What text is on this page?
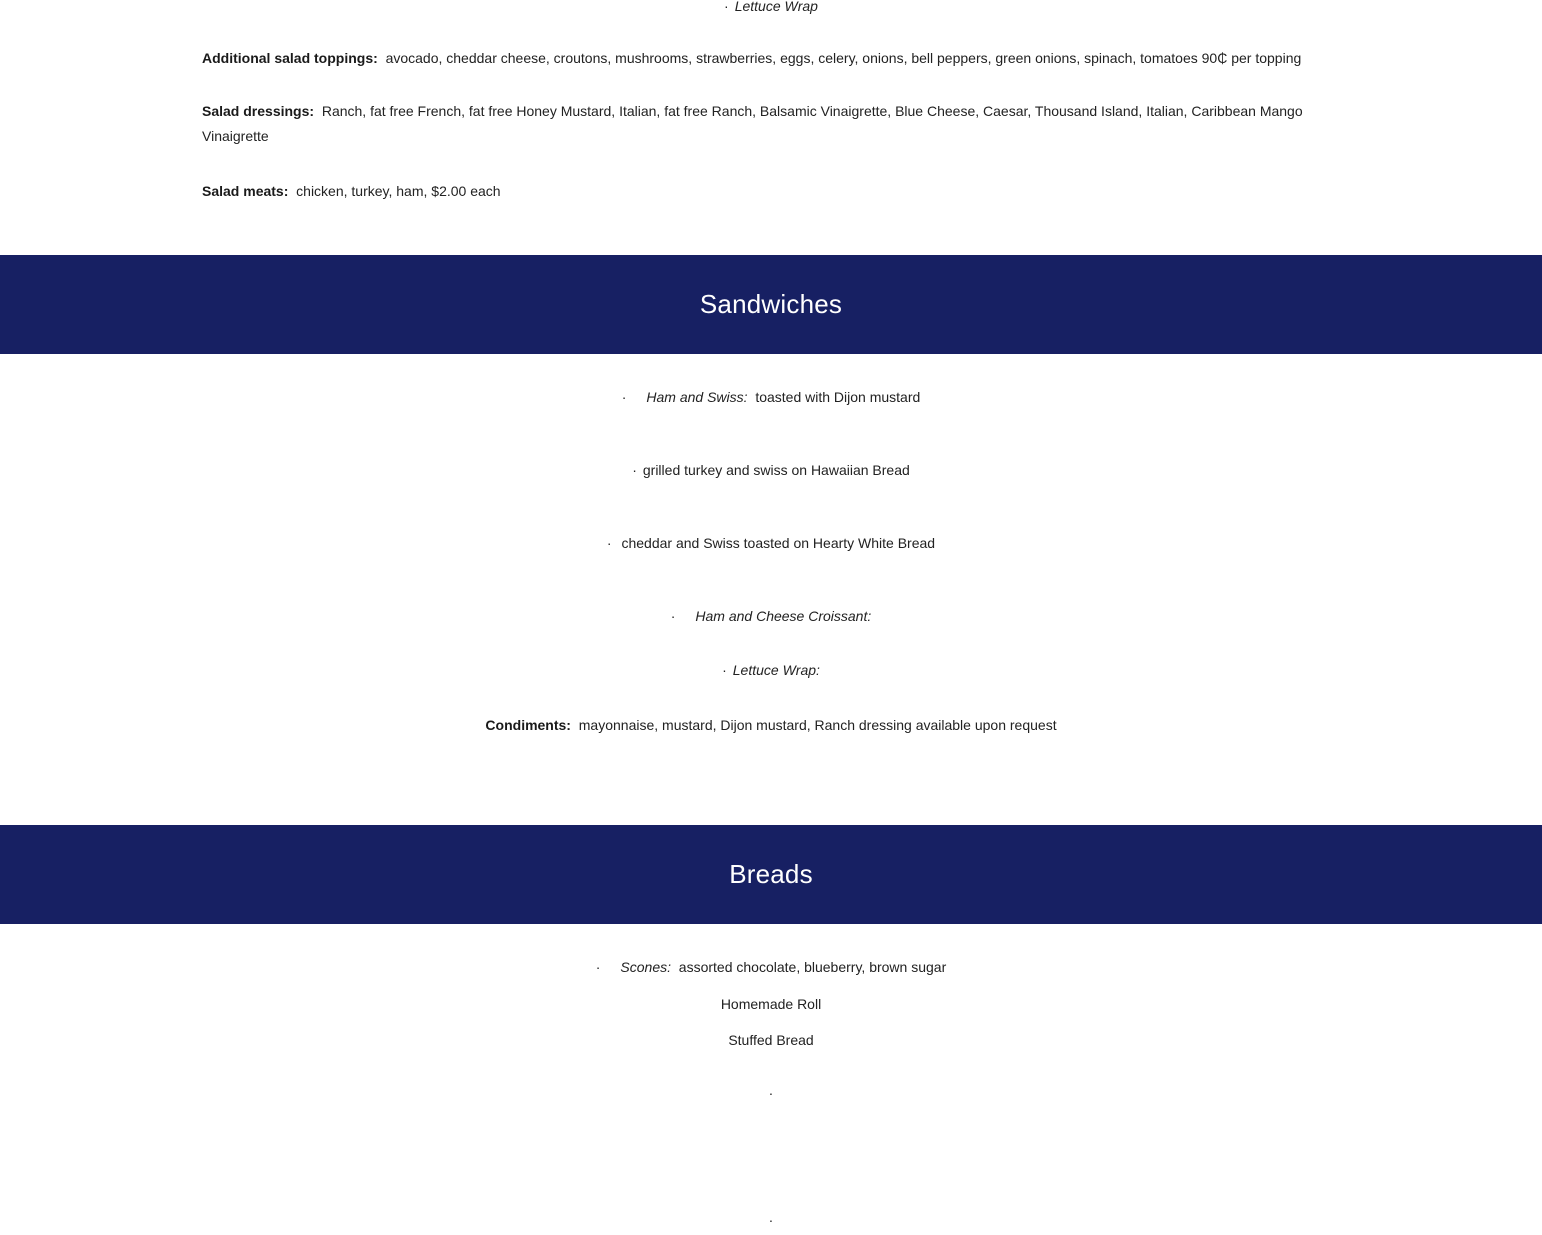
· Lettuce Wrap
Additional salad toppings: avocado, cheddar cheese, croutons, mushrooms, strawberries, eggs, celery, onions, bell peppers, green onions, spinach, tomatoes 90₵ per topping
Salad dressings: Ranch, fat free French, fat free Honey Mustard, Italian, fat free Ranch, Balsamic Vinaigrette, Blue Cheese, Caesar, Thousand Island, Italian, Caribbean Mango Vinaigrette
Salad meats: chicken, turkey, ham, $2.00 each
Sandwiches
· Ham and Swiss: toasted with Dijon mustard
· grilled turkey and swiss on Hawaiian Bread
· cheddar and Swiss toasted on Hearty White Bread
· Ham and Cheese Croissant:
· Lettuce Wrap:
Condiments: mayonnaise, mustard, Dijon mustard, Ranch dressing available upon request
Breads
· Scones: assorted chocolate, blueberry, brown sugar
Homemade Roll
Stuffed Bread
.
.
